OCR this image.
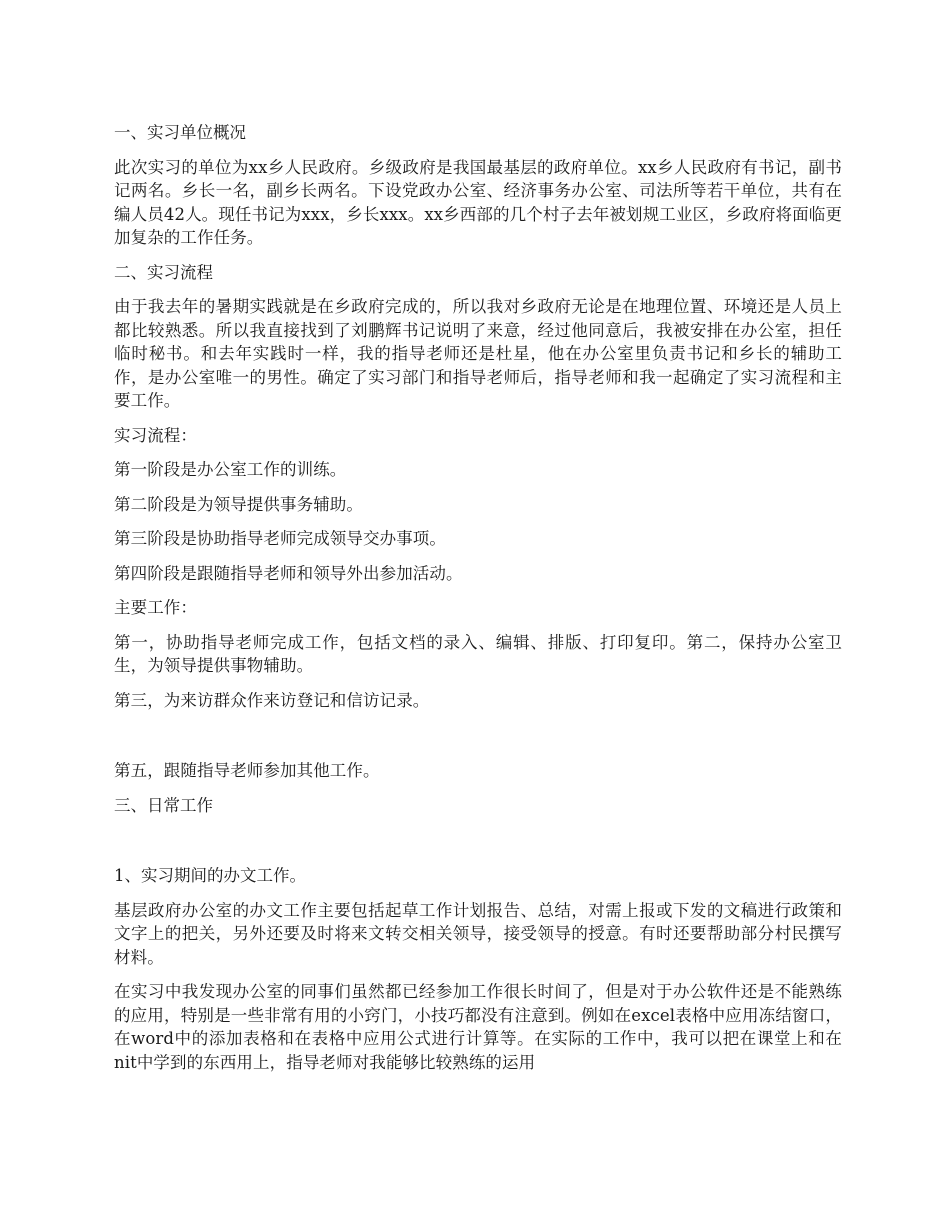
一、实习单位概况
此次实习的单位为xx乡人民政府。乡级政府是我国最基层的政府单位。xx乡人民政府有书记，副书记两名。乡长一名，副乡长两名。下设党政办公室、经济事务办公室、司法所等若干单位，共有在编人员42人。现任书记为xxx，乡长xxx。xx乡西部的几个村子去年被划规工业区，乡政府将面临更加复杂的工作任务。
二、实习流程
由于我去年的暑期实践就是在乡政府完成的，所以我对乡政府无论是在地理位置、环境还是人员上都比较熟悉。所以我直接找到了刘鹏辉书记说明了来意，经过他同意后，我被安排在办公室，担任临时秘书。和去年实践时一样，我的指导老师还是杜星，他在办公室里负责书记和乡长的辅助工作，是办公室唯一的男性。确定了实习部门和指导老师后，指导老师和我一起确定了实习流程和主要工作。
实习流程：
第一阶段是办公室工作的训练。
第二阶段是为领导提供事务辅助。
第三阶段是协助指导老师完成领导交办事项。
第四阶段是跟随指导老师和领导外出参加活动。
主要工作：
第一，协助指导老师完成工作，包括文档的录入、编辑、排版、打印复印。第二，保持办公室卫生，为领导提供事物辅助。
第三，为来访群众作来访登记和信访记录。
第五，跟随指导老师参加其他工作。
三、日常工作
1、实习期间的办文工作。
基层政府办公室的办文工作主要包括起草工作计划报告、总结，对需上报或下发的文稿进行政策和文字上的把关，另外还要及时将来文转交相关领导，接受领导的授意。有时还要帮助部分村民撰写材料。
在实习中我发现办公室的同事们虽然都已经参加工作很长时间了，但是对于办公软件还是不能熟练的应用，特别是一些非常有用的小窍门，小技巧都没有注意到。例如在excel表格中应用冻结窗口，在word中的添加表格和在表格中应用公式进行计算等。在实际的工作中，我可以把在课堂上和在nit中学到的东西用上，指导老师对我能够比较熟练的运用
